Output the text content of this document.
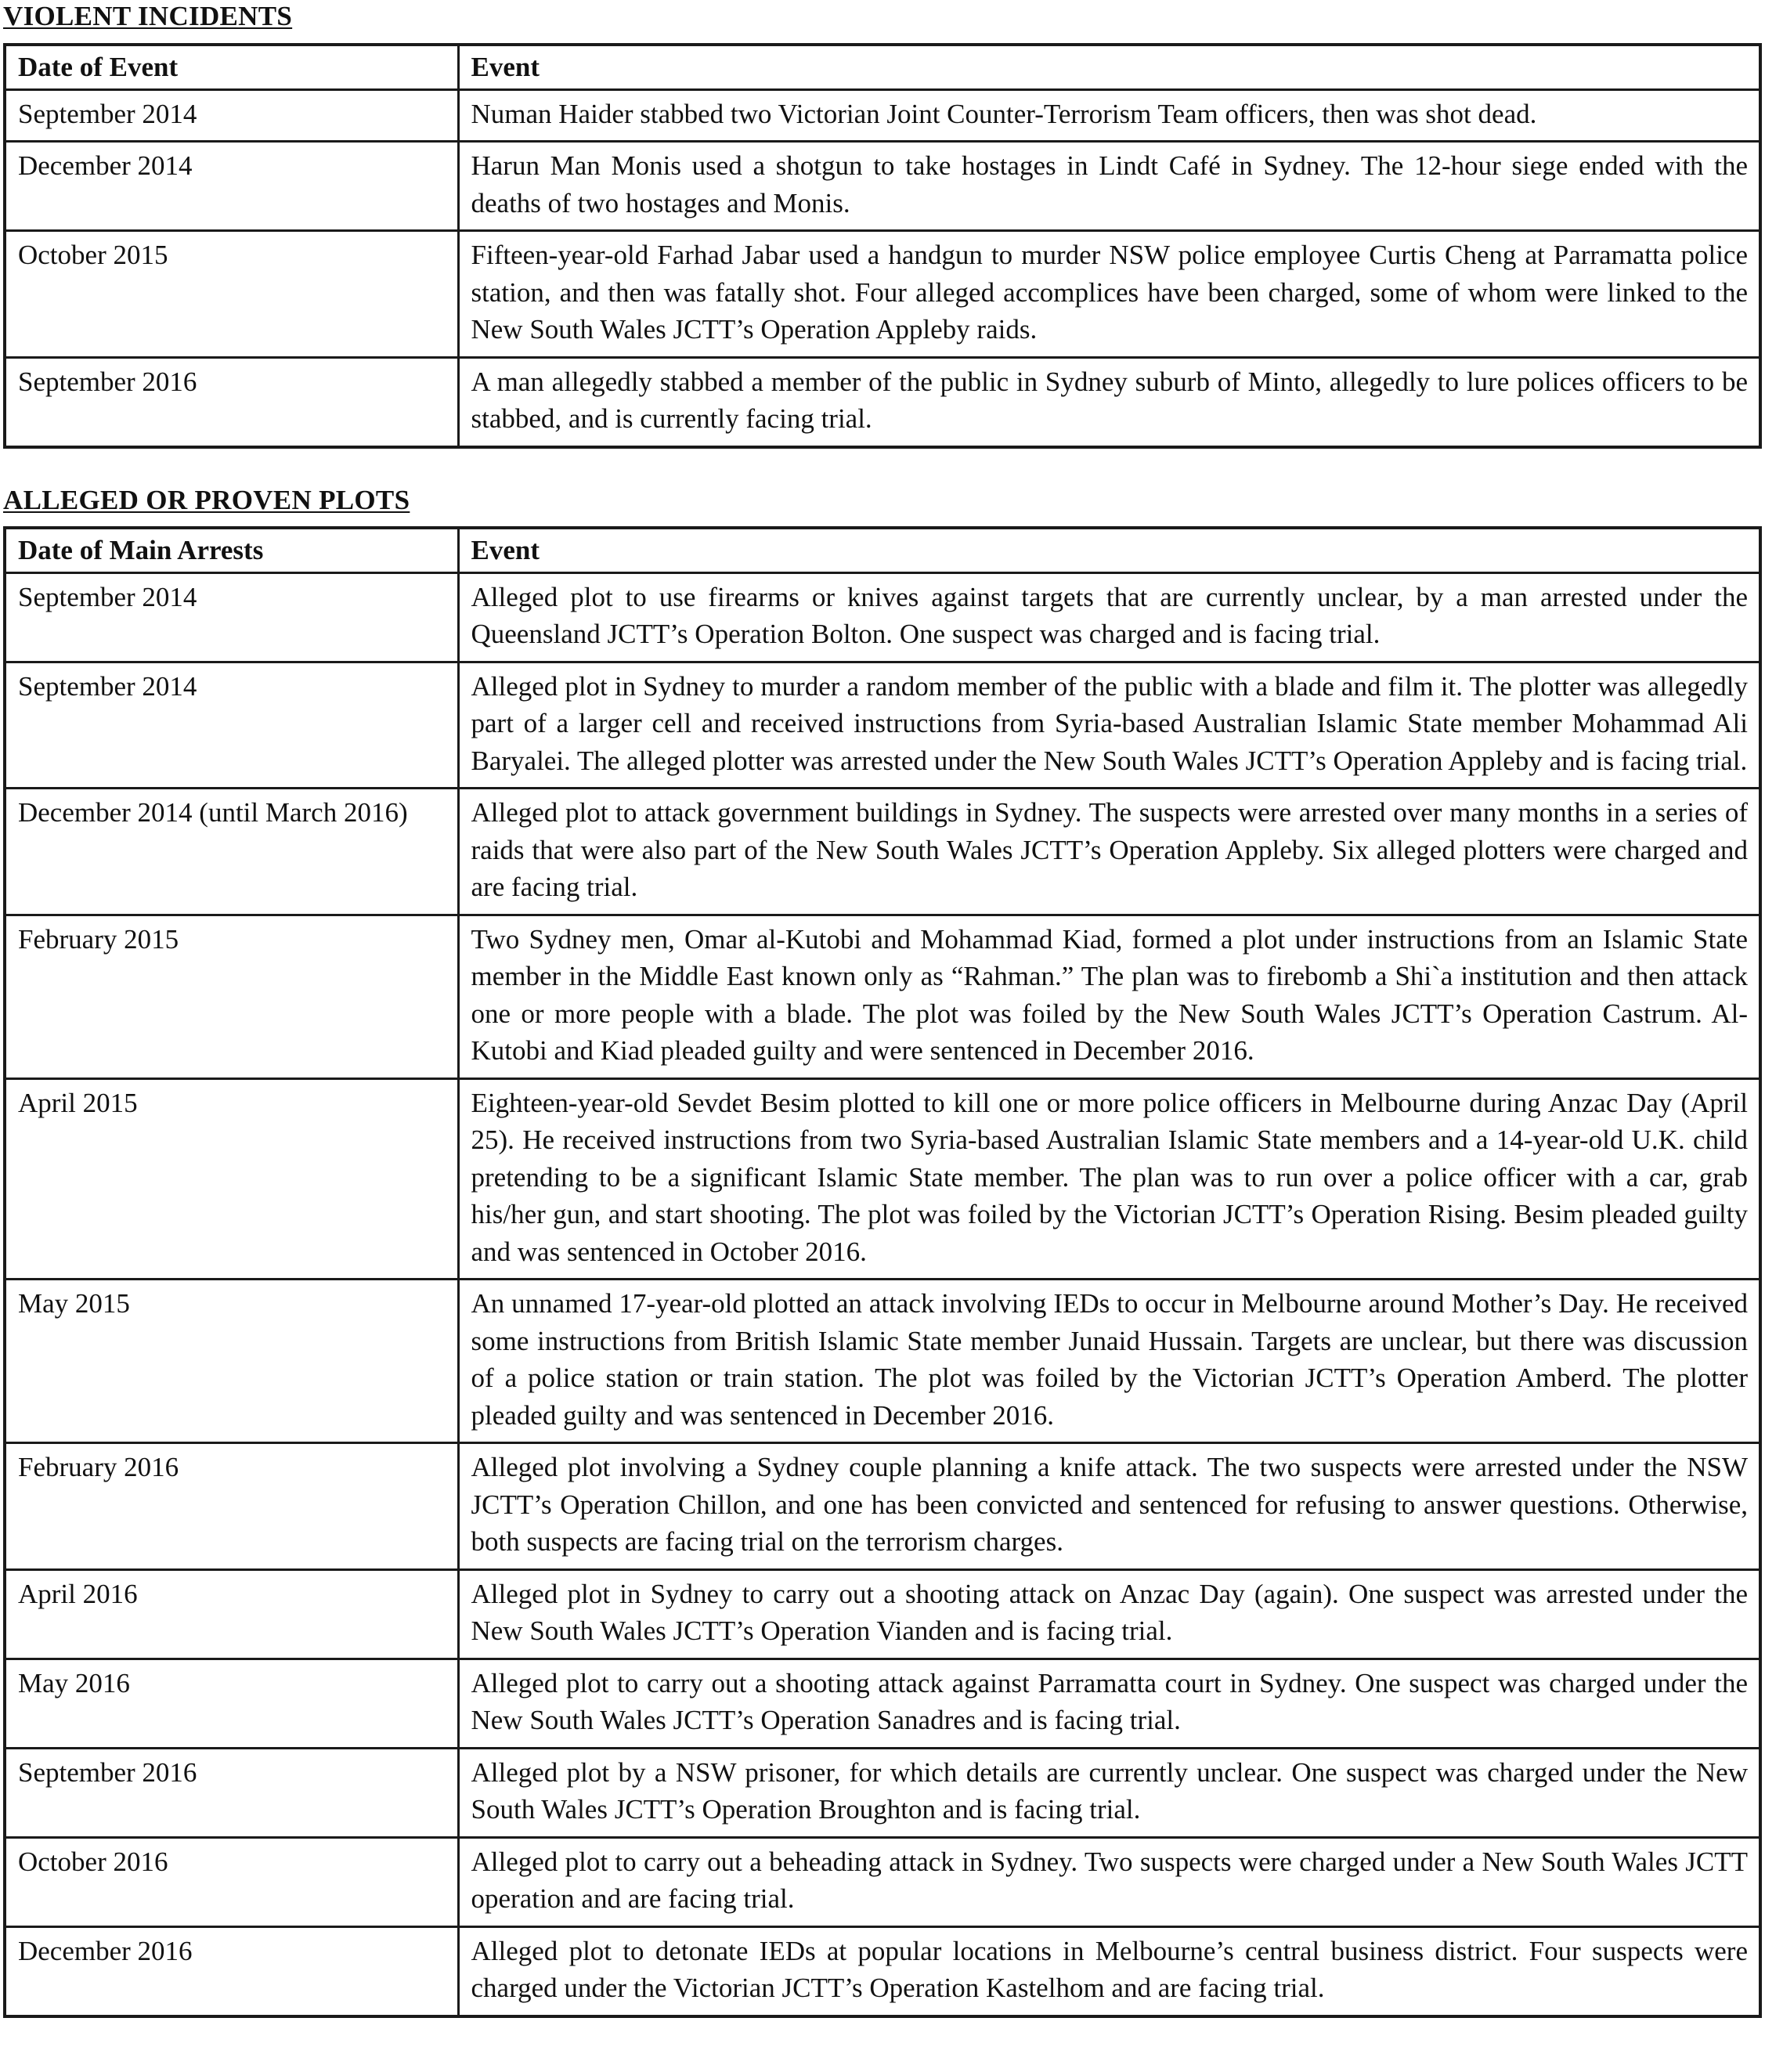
VIOLENT INCIDENTS
Date of Event	Event
September 2014	Numan Haider stabbed two Victorian Joint Counter-Terrorism Team officers, then was shot dead.
December 2014	Harun Man Monis used a shotgun to take hostages in Lindt Café in Sydney. The 12-hour siege ended with the deaths of two hostages and Monis.
October 2015	Fifteen-year-old Farhad Jabar used a handgun to murder NSW police employee Curtis Cheng at Parramatta police station, and then was fatally shot. Four alleged accomplices have been charged, some of whom were linked to the New South Wales JCTT’s Operation Appleby raids.
September 2016	A man allegedly stabbed a member of the public in Sydney suburb of Minto, allegedly to lure polices officers to be stabbed, and is currently facing trial.
ALLEGED OR PROVEN PLOTS
Date of Main Arrests	Event
September 2014	Alleged plot to use firearms or knives against targets that are currently unclear, by a man arrested under the Queensland JCTT’s Operation Bolton. One suspect was charged and is facing trial.
September 2014	Alleged plot in Sydney to murder a random member of the public with a blade and film it. The plotter was allegedly part of a larger cell and received instructions from Syria-based Australian Islamic State member Mohammad Ali Baryalei. The alleged plotter was arrested under the New South Wales JCTT’s Operation Appleby and is facing trial.
December 2014 (until March 2016)	Alleged plot to attack government buildings in Sydney. The suspects were arrested over many months in a series of raids that were also part of the New South Wales JCTT’s Operation Appleby. Six alleged plotters were charged and are facing trial.
February 2015	Two Sydney men, Omar al-Kutobi and Mohammad Kiad, formed a plot under instructions from an Islamic State member in the Middle East known only as “Rahman.” The plan was to firebomb a Shi`a institution and then attack one or more people with a blade. The plot was foiled by the New South Wales JCTT’s Operation Castrum. Al-Kutobi and Kiad pleaded guilty and were sentenced in December 2016.
April 2015	Eighteen-year-old Sevdet Besim plotted to kill one or more police officers in Melbourne during Anzac Day (April 25). He received instructions from two Syria-based Australian Islamic State members and a 14-year-old U.K. child pretending to be a significant Islamic State member. The plan was to run over a police officer with a car, grab his/her gun, and start shooting. The plot was foiled by the Victorian JCTT’s Operation Rising. Besim pleaded guilty and was sentenced in October 2016.
May 2015	An unnamed 17-year-old plotted an attack involving IEDs to occur in Melbourne around Mother’s Day. He received some instructions from British Islamic State member Junaid Hussain. Targets are unclear, but there was discussion of a police station or train station. The plot was foiled by the Victorian JCTT’s Operation Amberd. The plotter pleaded guilty and was sentenced in December 2016.
February 2016	Alleged plot involving a Sydney couple planning a knife attack. The two suspects were arrested under the NSW JCTT’s Operation Chillon, and one has been convicted and sentenced for refusing to answer questions. Otherwise, both suspects are facing trial on the terrorism charges.
April 2016	Alleged plot in Sydney to carry out a shooting attack on Anzac Day (again). One suspect was arrested under the New South Wales JCTT’s Operation Vianden and is facing trial.
May 2016	Alleged plot to carry out a shooting attack against Parramatta court in Sydney. One suspect was charged under the New South Wales JCTT’s Operation Sanadres and is facing trial.
September 2016	Alleged plot by a NSW prisoner, for which details are currently unclear. One suspect was charged under the New South Wales JCTT’s Operation Broughton and is facing trial.
October 2016	Alleged plot to carry out a beheading attack in Sydney. Two suspects were charged under a New South Wales JCTT operation and are facing trial.
December 2016	Alleged plot to detonate IEDs at popular locations in Melbourne’s central business district. Four suspects were charged under the Victorian JCTT’s Operation Kastelhom and are facing trial.
